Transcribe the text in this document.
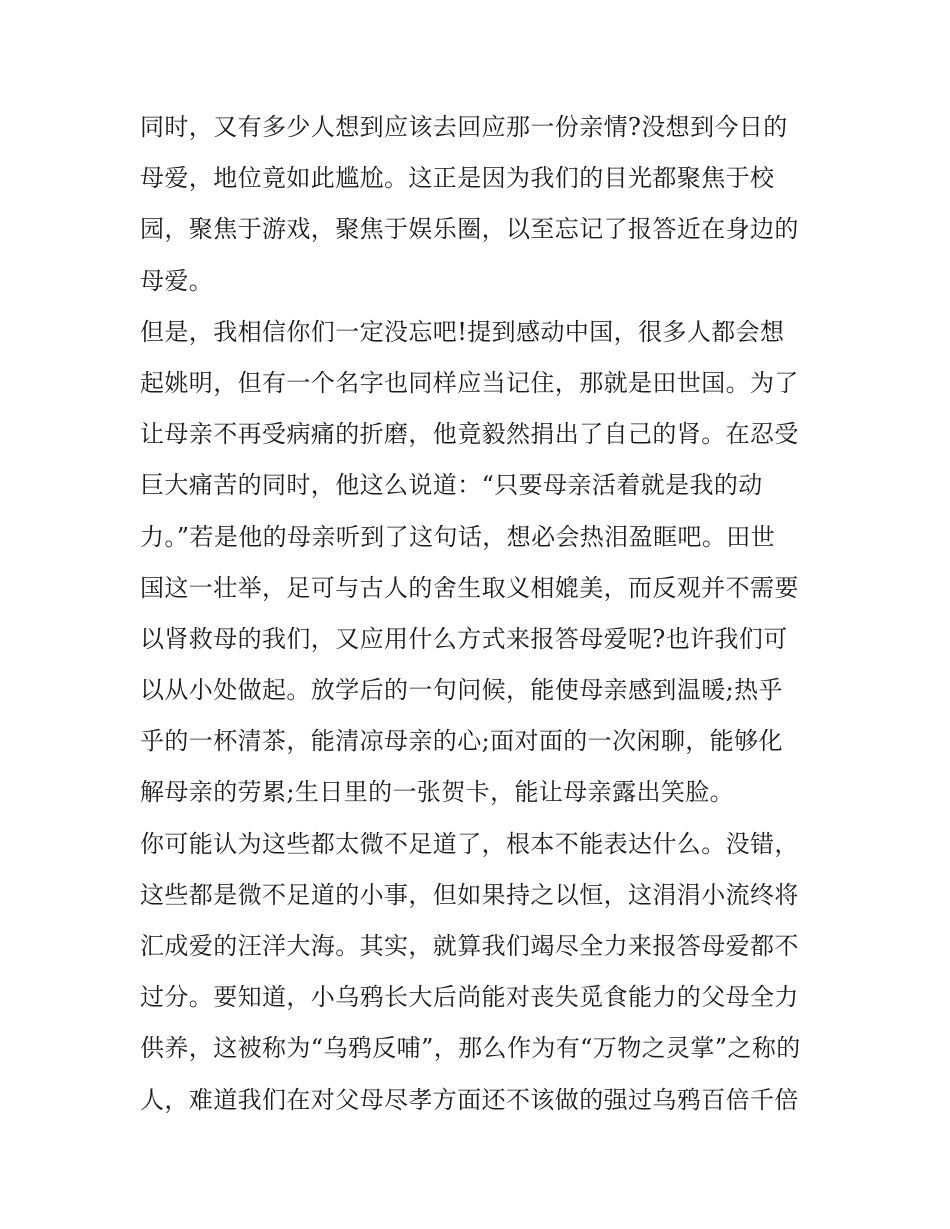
同时，又有多少人想到应该去回应那一份亲情?没想到今日的
母爱，地位竟如此尴尬。这正是因为我们的目光都聚焦于校
园，聚焦于游戏，聚焦于娱乐圈，以至忘记了报答近在身边的
母爱。
但是，我相信你们一定没忘吧!提到感动中国，很多人都会想
起姚明，但有一个名字也同样应当记住，那就是田世国。为了
让母亲不再受病痛的折磨，他竟毅然捐出了自己的肾。在忍受
巨大痛苦的同时，他这么说道：“只要母亲活着就是我的动
力。”若是他的母亲听到了这句话，想必会热泪盈眶吧。田世
国这一壮举，足可与古人的舍生取义相媲美，而反观并不需要
以肾救母的我们，又应用什么方式来报答母爱呢?也许我们可
以从小处做起。放学后的一句问候，能使母亲感到温暖;热乎
乎的一杯清茶，能清凉母亲的心;面对面的一次闲聊，能够化
解母亲的劳累;生日里的一张贺卡，能让母亲露出笑脸。
你可能认为这些都太微不足道了，根本不能表达什么。没错，
这些都是微不足道的小事，但如果持之以恒，这涓涓小流终将
汇成爱的汪洋大海。其实，就算我们竭尽全力来报答母爱都不
过分。要知道，小乌鸦长大后尚能对丧失觅食能力的父母全力
供养，这被称为“乌鸦反哺”，那么作为有“万物之灵掌”之称的
人，难道我们在对父母尽孝方面还不该做的强过乌鸦百倍千倍
